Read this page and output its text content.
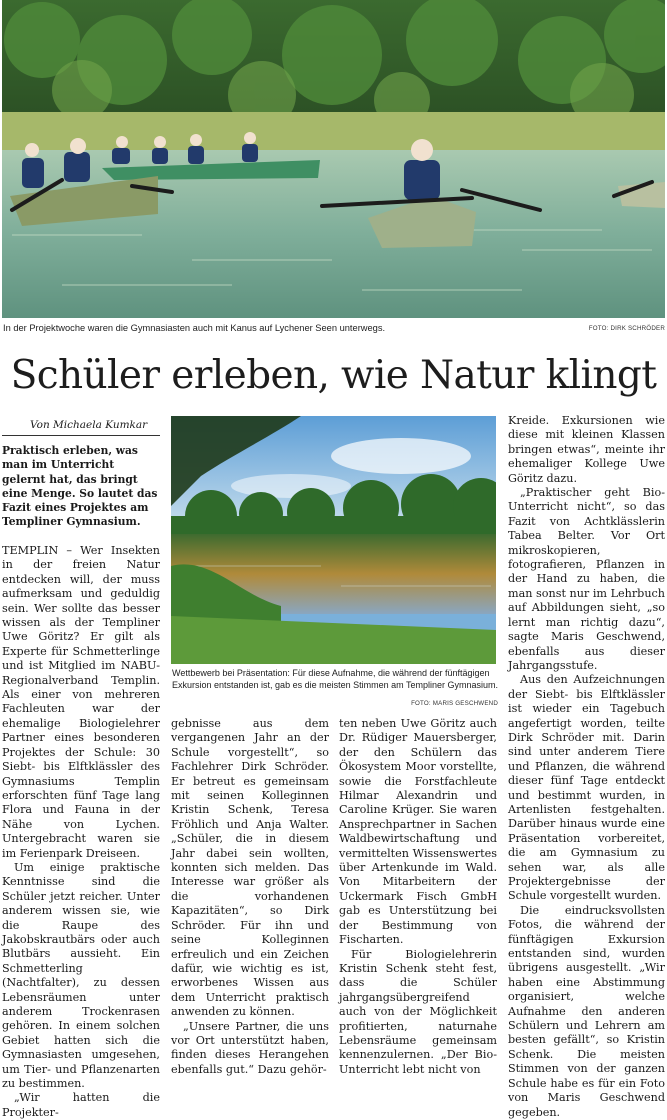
In der Projektwoche waren die Gymnasiasten auch mit Kanus auf Lychener Seen unterwegs.	FOTO: DIRK SCHRÖDER
Schüler erleben, wie Natur klingt
Von Michaela Kumkar
Praktisch erleben, was man im Unterricht gelernt hat, das bringt eine Menge. So lautet das Fazit eines Projektes am Templiner Gymnasium.
Wettbewerb bei Präsentation: Für diese Aufnahme, die während der fünftägigen Exkursion entstanden ist, gab es die meisten Stimmen am Templiner Gymnasium.
FOTO: MARIS GESCHWEND

TEMPLIN – Wer Insekten in der freien Natur entdecken will, der muss aufmerksam und geduldig sein. Wer sollte das besser wissen als der Templiner Uwe Göritz? Er gilt als Experte für Schmetterlinge und ist Mitglied im NABU-Regionalverband Templin. Als einer von mehreren Fachleuten war der ehemalige Biologielehrer Partner eines besonderen Projektes der Schule: 30 Siebt- bis Elftklässler des Gymnasiums Templin erforschten fünf Tage lang Flora und Fauna in der Nähe von Lychen. Untergebracht waren sie im Ferienpark Dreiseen.

Um einige praktische Kenntnisse sind die Schüler jetzt reicher. Unter anderem wissen sie, wie die Raupe des Jakobskrautbärs oder auch Blutbärs aussieht. Ein Schmetterling (Nachtfalter), zu dessen Lebensräumen unter anderem Trockenrasen gehören. In einem solchen Gebiet hatten sich die Gymnasiasten umgesehen, um Tier- und Pflanzenarten zu bestimmen.

„Wir hatten die Projekter-

gebnisse aus dem vergangenen Jahr an der Schule vorgestellt“, so Fachlehrer Dirk Schröder. Er betreut es gemeinsam mit seinen Kolleginnen Kristin Schenk, Teresa Fröhlich und Anja Walter. „Schüler, die in diesem Jahr dabei sein wollten, konnten sich melden. Das Interesse war größer als die vorhandenen Kapazitäten“, so Dirk Schröder. Für ihn und seine Kolleginnen erfreulich und ein Zeichen dafür, wie wichtig es ist, erworbenes Wissen aus dem Unterricht praktisch anwenden zu können.

„Unsere Partner, die uns vor Ort unterstützt haben, finden dieses Herangehen ebenfalls gut.“ Dazu gehör-

ten neben Uwe Göritz auch Dr. Rüdiger Mauersberger, der den Schülern das Ökosystem Moor vorstellte, sowie die Forstfachleute Hilmar Alexandrin und Caroline Krüger. Sie waren Ansprechpartner in Sachen Waldbewirtschaftung und vermittelten Wissenswertes über Artenkunde im Wald. Von Mitarbeitern der Uckermark Fisch GmbH gab es Unterstützung bei der Bestimmung von Fischarten.

Für Biologielehrerin Kristin Schenk steht fest, dass die Schüler jahrgangsübergreifend auch von der Möglichkeit profitierten, naturnahe Lebensräume gemeinsam kennenzulernen. „Der Bio-Unterricht lebt nicht von

Kreide. Exkursionen wie diese mit kleinen Klassen bringen etwas“, meinte ihr ehemaliger Kollege Uwe Göritz dazu.

„Praktischer geht Bio-Unterricht nicht“, so das Fazit von Achtklässlerin Tabea Belter. Vor Ort mikroskopieren, fotografieren, Pflanzen in der Hand zu haben, die man sonst nur im Lehrbuch auf Abbildungen sieht, „so lernt man richtig dazu“, sagte Maris Geschwend, ebenfalls aus dieser Jahrgangsstufe.

Aus den Aufzeichnungen der Siebt- bis Elftklässler ist wieder ein Tagebuch angefertigt worden, teilte Dirk Schröder mit. Darin sind unter anderem Tiere und Pflanzen, die während dieser fünf Tage entdeckt und bestimmt wurden, in Artenlisten festgehalten. Darüber hinaus wurde eine Präsentation vorbereitet, die am Gymnasium zu sehen war, als alle Projektergebnisse der Schule vorgestellt wurden.

Die eindrucksvollsten Fotos, die während der fünftägigen Exkursion entstanden sind, wurden übrigens ausgestellt. „Wir haben eine Abstimmung organisiert, welche Aufnahme den anderen Schülern und Lehrern am besten gefällt“, so Kristin Schenk. Die meisten Stimmen von der ganzen Schule habe es für ein Foto von Maris Geschwend gegeben.
